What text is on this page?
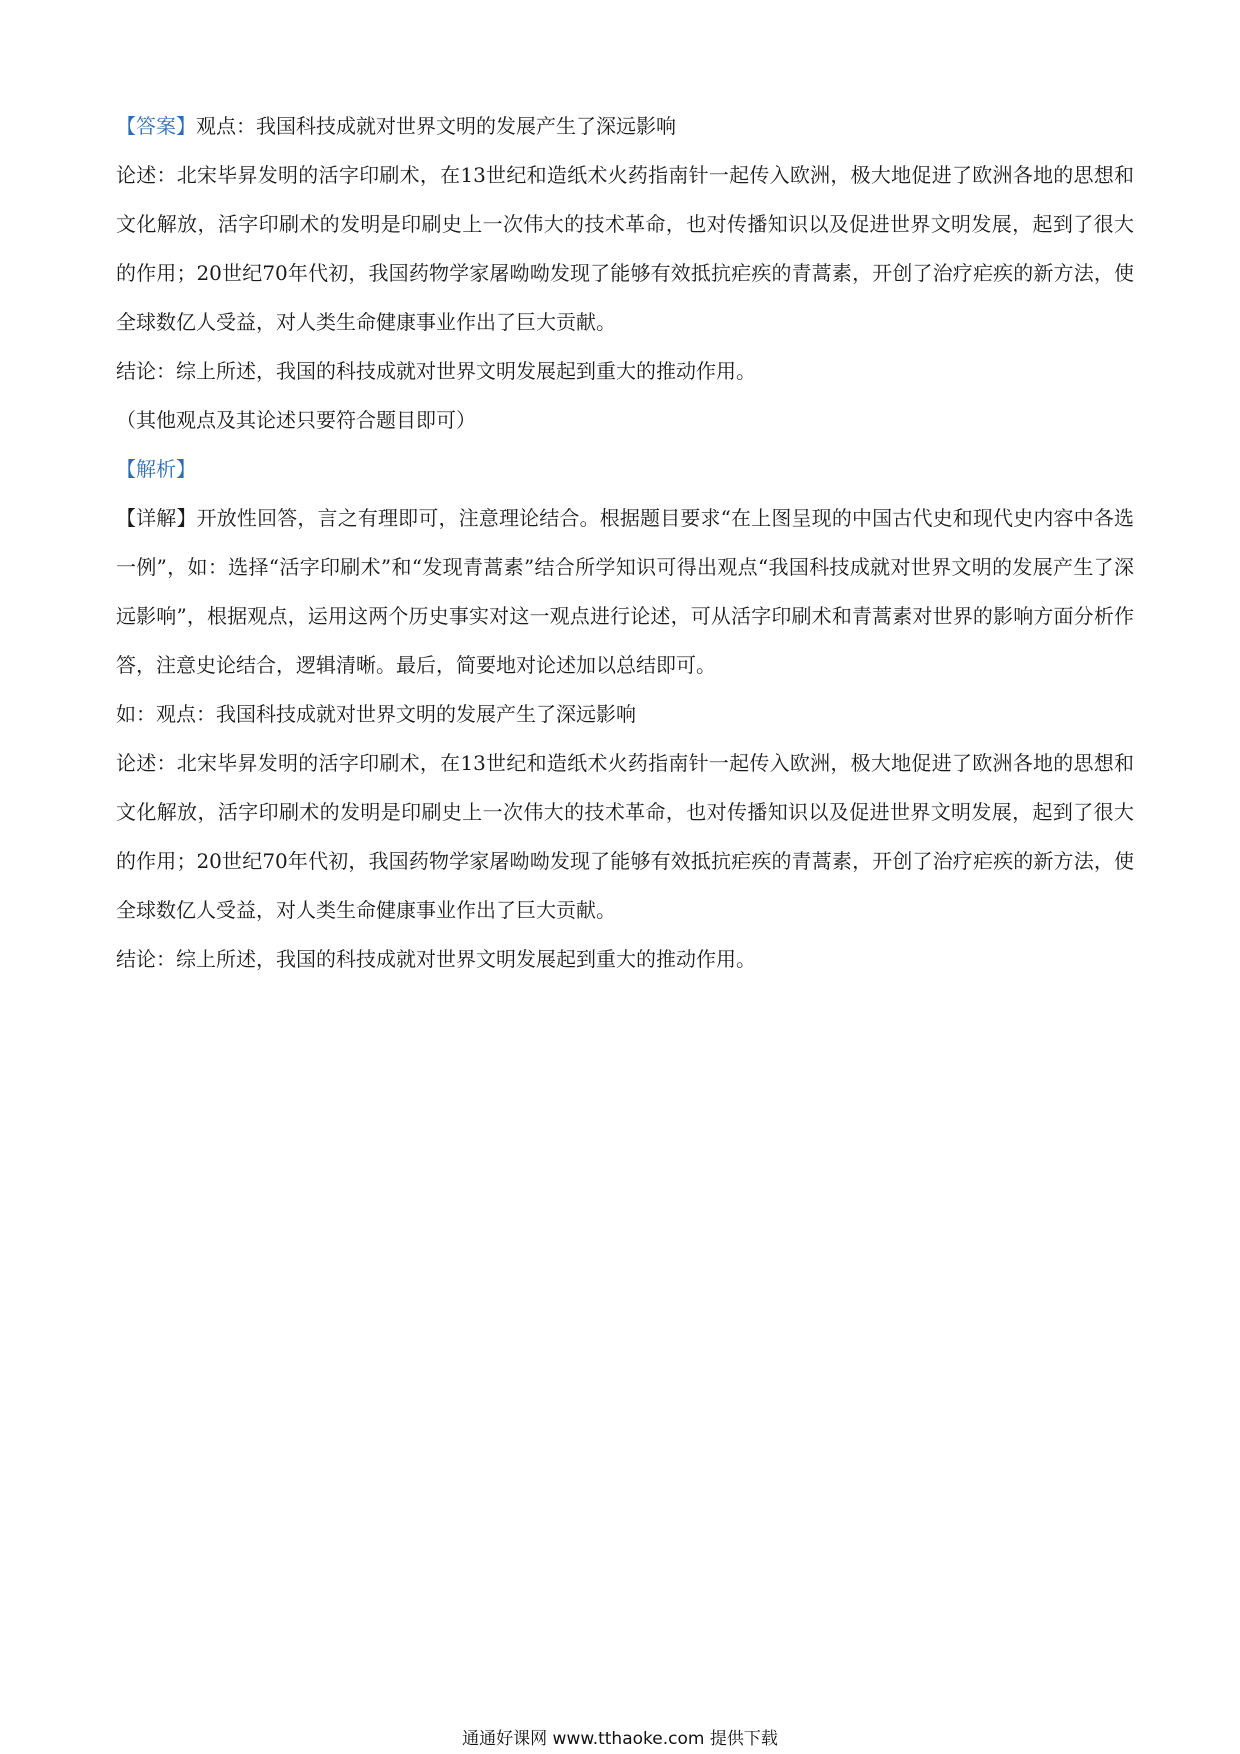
【答案】观点：我国科技成就对世界文明的发展产生了深远影响

论述：北宋毕昇发明的活字印刷术，在13世纪和造纸术火药指南针一起传入欧洲，极大地促进了欧洲各地的思想和文化解放，活字印刷术的发明是印刷史上一次伟大的技术革命，也对传播知识以及促进世界文明发展，起到了很大的作用；20世纪70年代初，我国药物学家屠呦呦发现了能够有效抵抗疟疾的青蒿素，开创了治疗疟疾的新方法，使全球数亿人受益，对人类生命健康事业作出了巨大贡献。

结论：综上所述，我国的科技成就对世界文明发展起到重大的推动作用。

（其他观点及其论述只要符合题目即可）

【解析】

【详解】开放性回答，言之有理即可，注意理论结合。根据题目要求“在上图呈现的中国古代史和现代史内容中各选一例”，如：选择“活字印刷术”和“发现青蒿素”结合所学知识可得出观点“我国科技成就对世界文明的发展产生了深远影响”，根据观点，运用这两个历史事实对这一观点进行论述，可从活字印刷术和青蒿素对世界的影响方面分析作答，注意史论结合，逻辑清晰。最后，简要地对论述加以总结即可。

如：观点：我国科技成就对世界文明的发展产生了深远影响

论述：北宋毕昇发明的活字印刷术，在13世纪和造纸术火药指南针一起传入欧洲，极大地促进了欧洲各地的思想和文化解放，活字印刷术的发明是印刷史上一次伟大的技术革命，也对传播知识以及促进世界文明发展，起到了很大的作用；20世纪70年代初，我国药物学家屠呦呦发现了能够有效抵抗疟疾的青蒿素，开创了治疗疟疾的新方法，使全球数亿人受益，对人类生命健康事业作出了巨大贡献。

结论：综上所述，我国的科技成就对世界文明发展起到重大的推动作用。

通通好课网 www.tthaoke.com 提供下载
